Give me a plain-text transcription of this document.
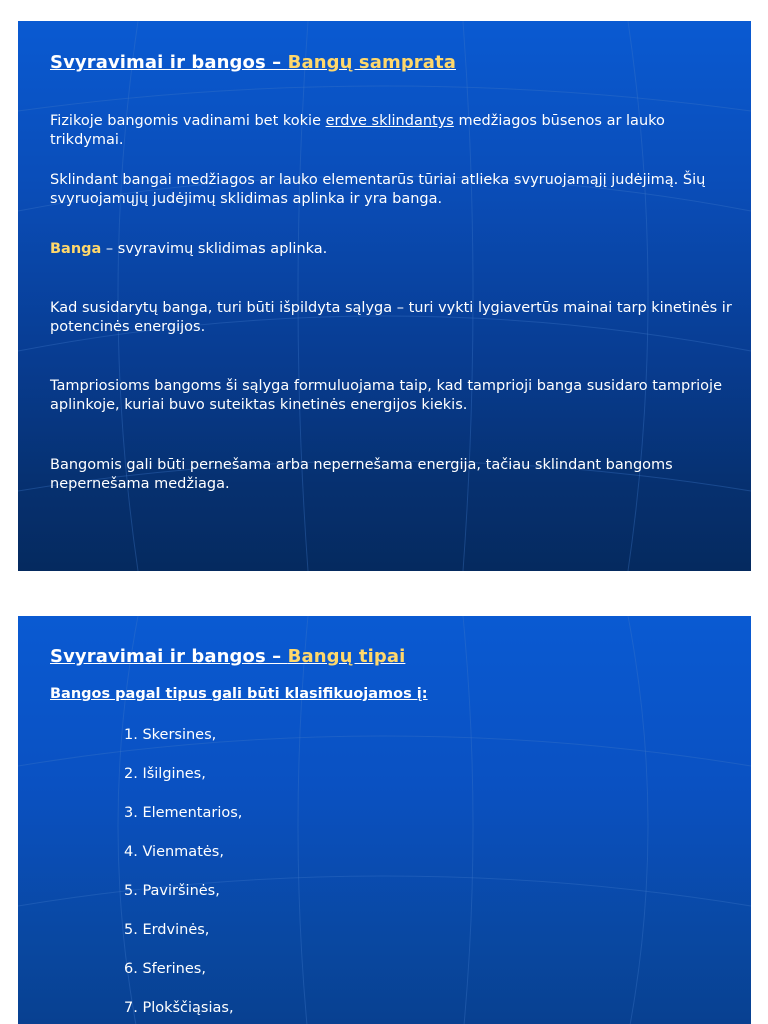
Svyravimai ir bangos – Bangų samprata

Fizikoje bangomis vadinami bet kokie erdve sklindantys medžiagos būsenos ar lauko trikdymai.

Sklindant bangai medžiagos ar lauko elementarūs tūriai atlieka svyruojamąjį judėjimą. Šių svyruojamųjų judėjimų sklidimas aplinka ir yra banga.

Banga – svyravimų sklidimas aplinka.

Kad susidarytų banga, turi būti išpildyta sąlyga – turi vykti lygiavertūs mainai tarp kinetinės ir potencinės energijos.

Tampriosioms bangoms ši sąlyga formuluojama taip, kad tamprioji banga susidaro tamprioje aplinkoje, kuriai buvo suteiktas kinetinės energijos kiekis.

Bangomis gali būti pernešama arba nepernešama energija, tačiau sklindant bangoms nepernešama medžiaga.

Svyravimai ir bangos – Bangų tipai
Bangos pagal tipus gali būti klasifikuojamos į:
1. Skersines,
2. Išilgines,
3. Elementarios,
4. Vienmatės,
5. Paviršinės,
5. Erdvinės,
6. Sferines,
7. Plokščiąsias,
